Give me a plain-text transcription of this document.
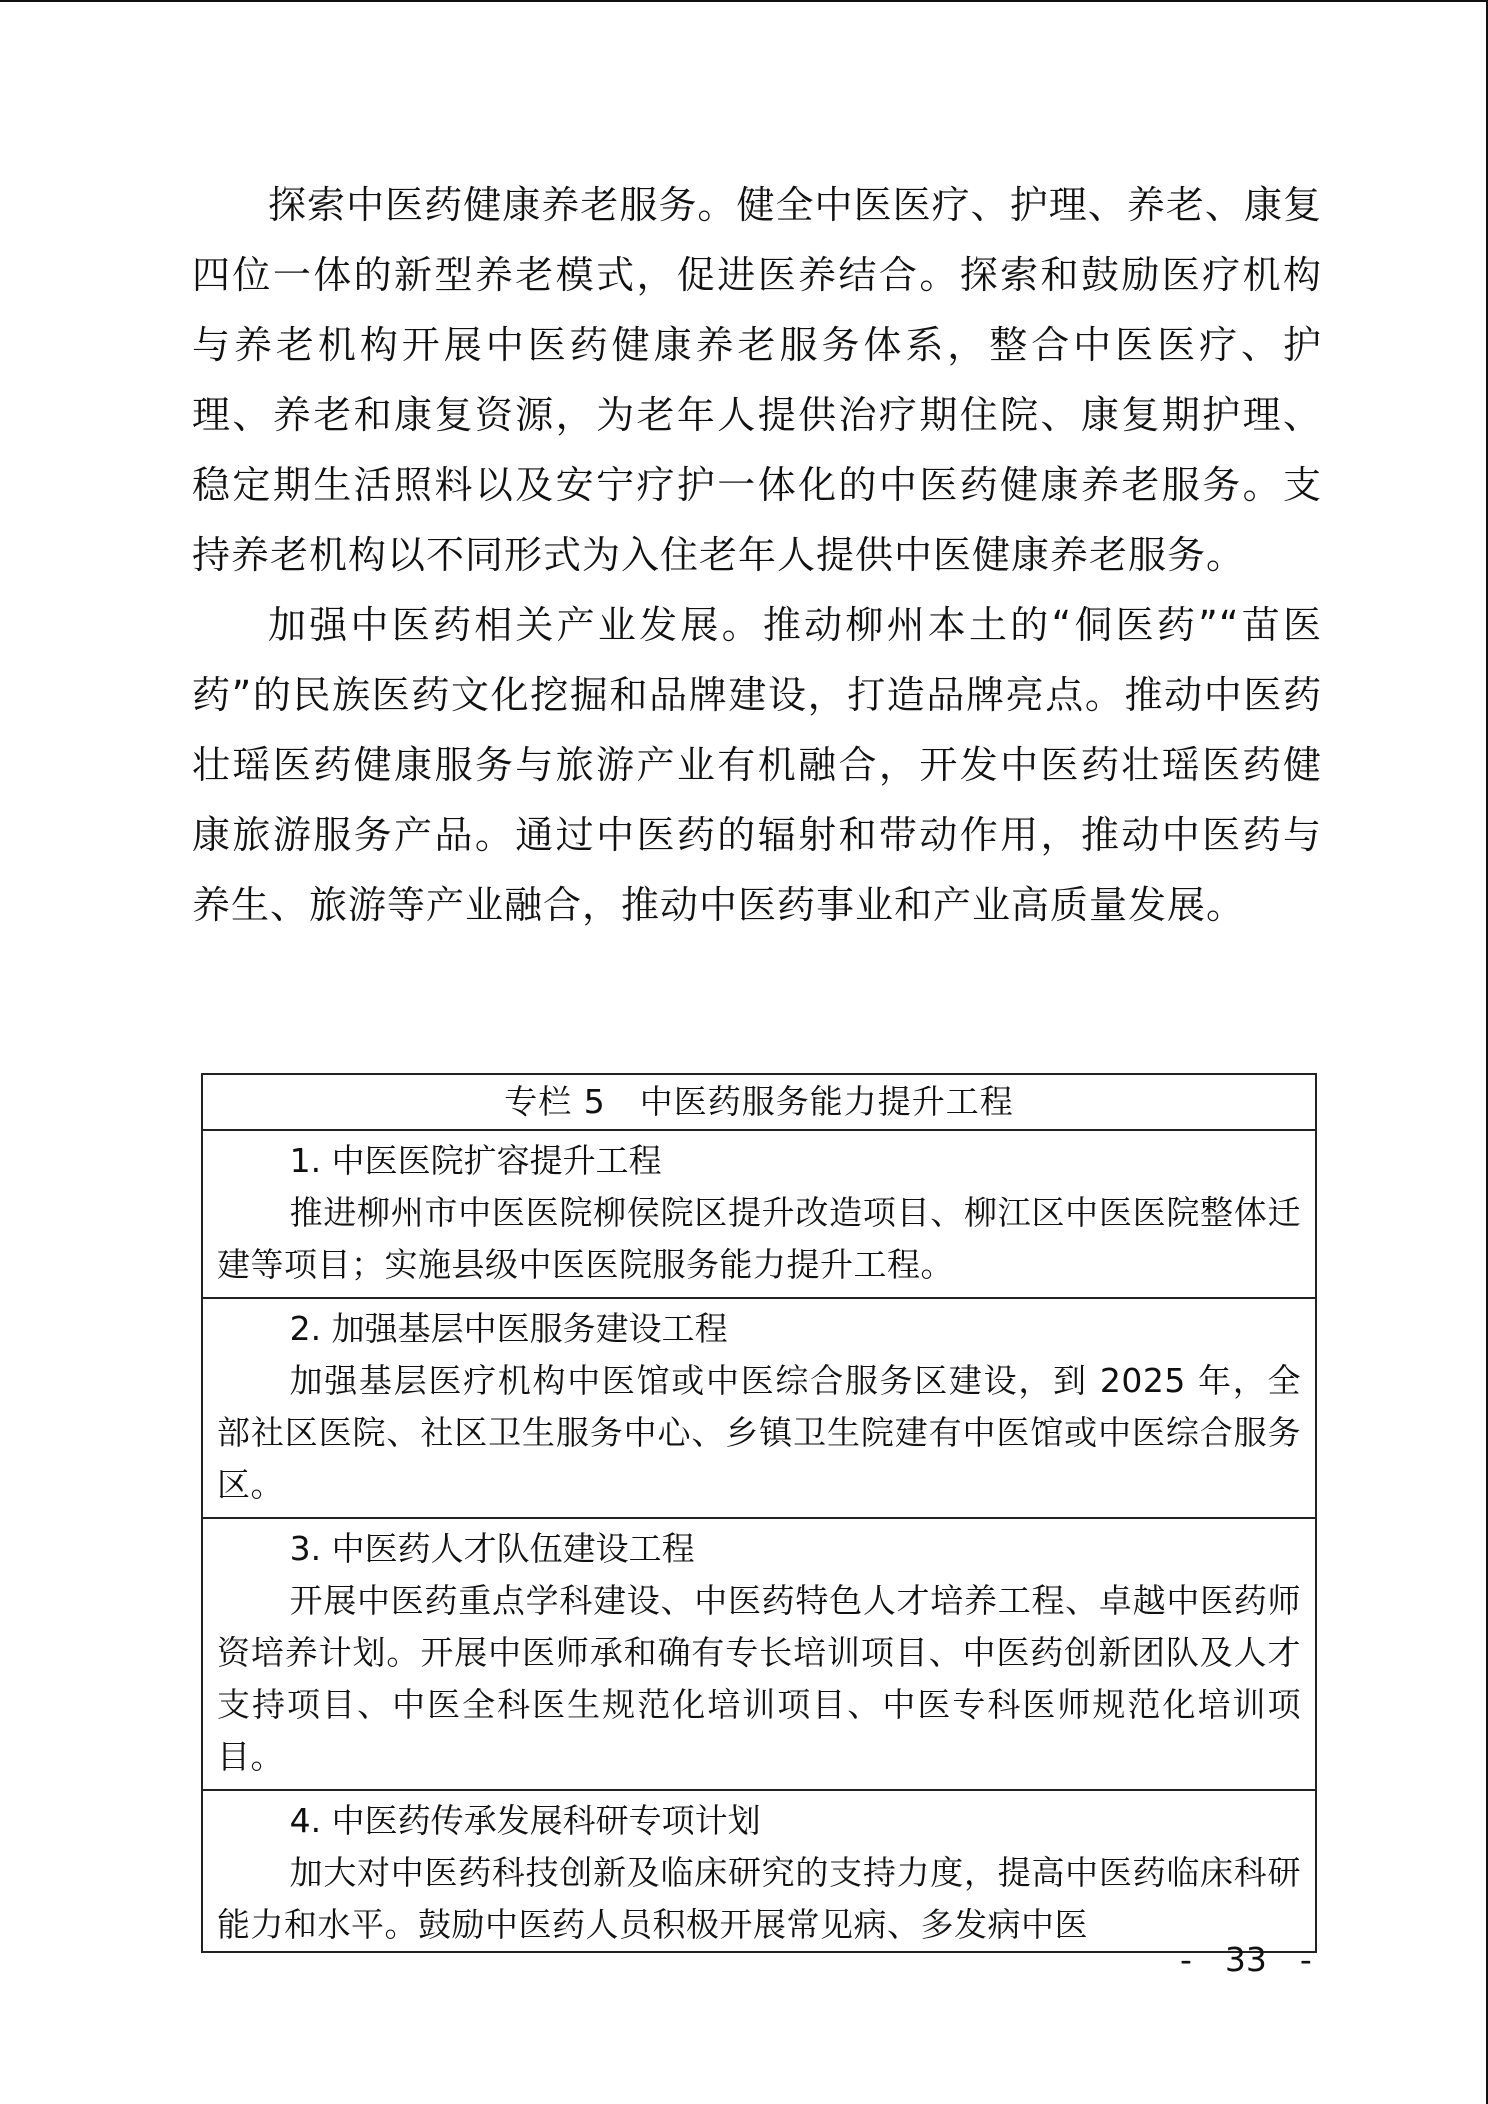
探索中医药健康养老服务。健全中医医疗、护理、养老、康复四位一体的新型养老模式，促进医养结合。探索和鼓励医疗机构与养老机构开展中医药健康养老服务体系，整合中医医疗、护理、养老和康复资源，为老年人提供治疗期住院、康复期护理、稳定期生活照料以及安宁疗护一体化的中医药健康养老服务。支持养老机构以不同形式为入住老年人提供中医健康养老服务。

加强中医药相关产业发展。推动柳州本土的“侗医药”“苗医药”的民族医药文化挖掘和品牌建设，打造品牌亮点。推动中医药壮瑶医药健康服务与旅游产业有机融合，开发中医药壮瑶医药健康旅游服务产品。通过中医药的辐射和带动作用，推动中医药与养生、旅游等产业融合，推动中医药事业和产业高质量发展。

专栏 5　中医药服务能力提升工程
1. 中医医院扩容提升工程

推进柳州市中医医院柳侯院区提升改造项目、柳江区中医医院整体迁建等项目；实施县级中医医院服务能力提升工程。

2. 加强基层中医服务建设工程

加强基层医疗机构中医馆或中医综合服务区建设，到 2025 年，全部社区医院、社区卫生服务中心、乡镇卫生院建有中医馆或中医综合服务区。

3. 中医药人才队伍建设工程

开展中医药重点学科建设、中医药特色人才培养工程、卓越中医药师资培养计划。开展中医师承和确有专长培训项目、中医药创新团队及人才支持项目、中医全科医生规范化培训项目、中医专科医师规范化培训项目。

4. 中医药传承发展科研专项计划

加大对中医药科技创新及临床研究的支持力度，提高中医药临床科研能力和水平。鼓励中医药人员积极开展常见病、多发病中医

-　33　-
